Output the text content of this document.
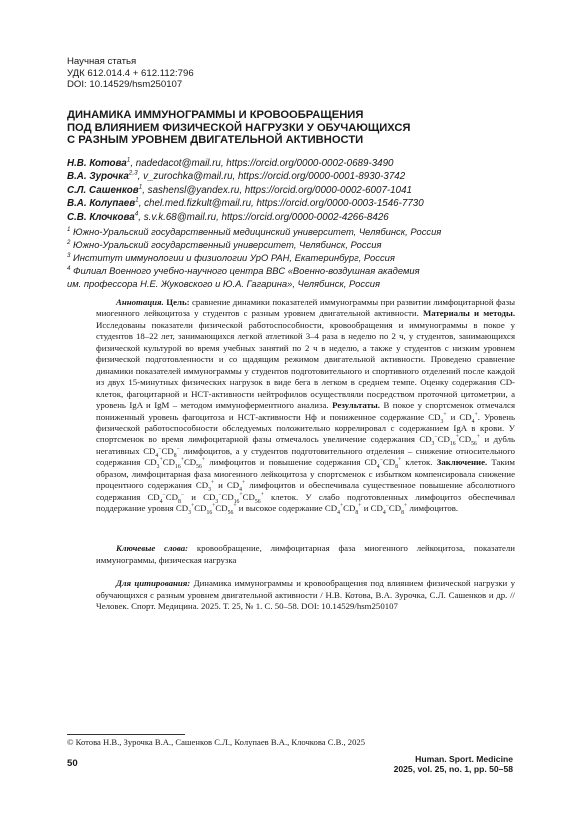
Научная статья
УДК 612.014.4 + 612.112:796
DOI: 10.14529/hsm250107
ДИНАМИКА ИММУНОГРАММЫ И КРОВООБРАЩЕНИЯ
ПОД ВЛИЯНИЕМ ФИЗИЧЕСКОЙ НАГРУЗКИ У ОБУЧАЮЩИХСЯ
С РАЗНЫМ УРОВНЕМ ДВИГАТЕЛЬНОЙ АКТИВНОСТИ
Н.В. Котова$^1$, nadedacot@mail.ru, https://orcid.org/0000-0002-0689-3490
В.А. Зурочка$^{2,3}$, v_zurochka@mail.ru, https://orcid.org/0000-0001-8930-3742
С.Л. Сашенков$^1$, sashensl@yandex.ru, https://orcid.org/0000-0002-6007-1041
В.А. Колупаев$^1$, chel.med.fizkult@mail.ru, https://orcid.org/0000-0003-1546-7730
С.В. Клочкова$^4$, s.v.k.68@mail.ru, https://orcid.org/0000-0002-4266-8426
$^1$ Южно-Уральский государственный медицинский университет, Челябинск, Россия
$^2$ Южно-Уральский государственный университет, Челябинск, Россия
$^3$ Институт иммунологии и физиологии УрО РАН, Екатеринбург, Россия
$^4$ Филиал Военного учебно-научного центра ВВС «Военно-воздушная академия
им. профессора Н.Е. Жуковского и Ю.А. Гагарина», Челябинск, Россия

Аннотация. Цель: сравнение динамики показателей иммунограммы при развитии лимфоцитарной фазы миогенного лейкоцитоза у студентов с разным уровнем двигательной активности. Материалы и методы. Исследованы показатели физической работоспособности, кровообращения и иммунограммы в покое у студентов 18–22 лет, занимающихся легкой атлетикой 3–4 раза в неделю по 2 ч, у студентов, занимающихся физической культурой во время учебных занятий по 2 ч в неделю, а также у студентов с низким уровнем физической подготовленности и со щадящим режимом двигательной активности. Проведено сравнение динамики показателей иммунограммы у студентов подготовительного и спортивного отделений после каждой из двух 15-минутных физических нагрузок в виде бега в легком в среднем темпе. Оценку содержания CD-клеток, фагоцитарной и НСТ-активности нейтрофилов осуществляли посредством проточной цитометрии, а уровень IgA и IgM – методом иммуноферментного анализа. Результаты. В покое у спортсменок отмечался пониженный уровень фагоцитоза и НСТ-активности Нф и пониженное содержание $CD_3^+$ и $CD_4^+$. Уровень физической работоспособности обследуемых положительно коррелировал с содержанием IgA в крови. У спортсменок во время лимфоцитарной фазы отмечалось увеличение содержания $CD_3^-CD_{16}^+CD_{56}^+$ и дубль негативных $CD_4^-CD_8^-$ лимфоцитов, а у студентов подготовительного отделения – снижение относительного содержания $CD_3^+CD_{16}^+CD_{56}^+$ лимфоцитов и повышение содержания $CD_4^-CD_8^+$ клеток. Заключение. Таким образом, лимфоцитарная фаза миогенного лейкоцитоза у спортсменок с избытком компенсировала снижение процентного содержания $CD_3^+$ и $CD_4^+$ лимфоцитов и обеспечивала существенное повышение абсолютного содержания $CD_4^-CD_8^-$ и $CD_3^-CD_{16}^+CD_{56}^+$ клеток. У слабо подготовленных лимфоцитоз обеспечивал поддержание уровня $CD_3^+CD_{16}^+CD_{56}^+$ и высокое содержание $CD_4^+CD_8^+$ и $CD_4^-CD_8^+$ лимфоцитов.

Ключевые слова: кровообращение, лимфоцитарная фаза миогенного лейкоцитоза, показатели иммунограммы, физическая нагрузка
Для цитирования: Динамика иммунограммы и кровообращения под влиянием физической нагрузки у обучающихся с разным уровнем двигательной активности / Н.В. Котова, В.А. Зурочка, С.Л. Сашенков и др. // Человек. Спорт. Медицина. 2025. Т. 25, № 1. С. 50–58. DOI: 10.14529/hsm250107
© Котова Н.В., Зурочка В.А., Сашенков С.Л., Колупаев В.А., Клочкова С.В., 2025
50	Human. Sport. Medicine
2025, vol. 25, no. 1, pp. 50–58
